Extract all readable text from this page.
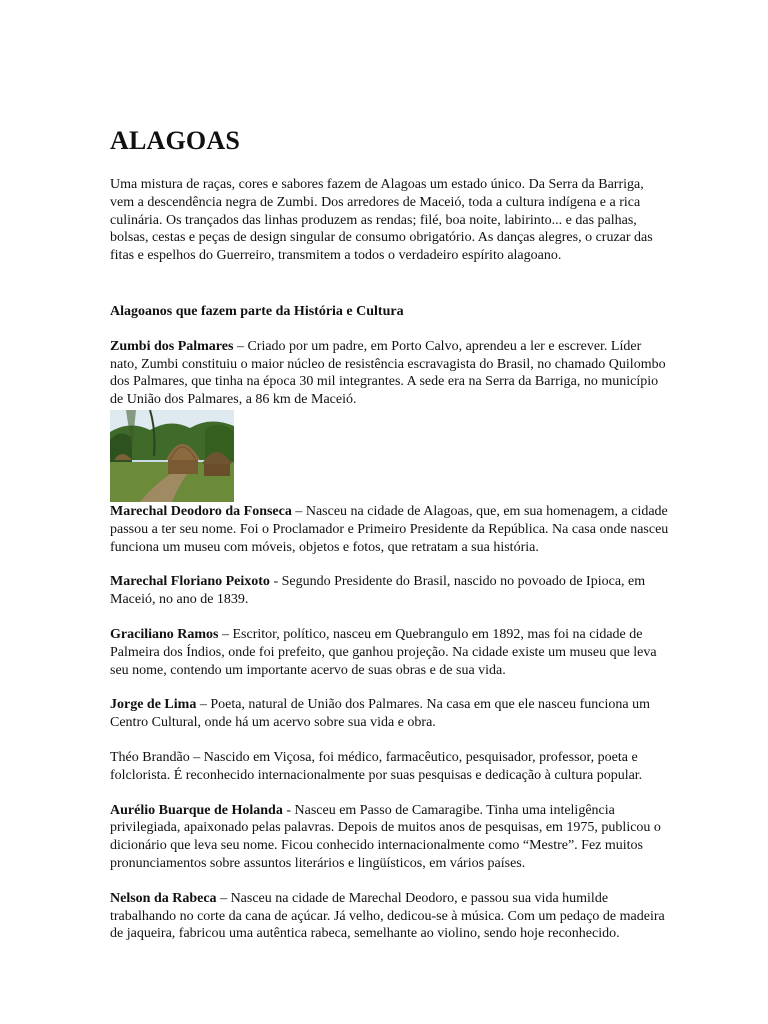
ALAGOAS

Uma mistura de raças, cores e sabores fazem de Alagoas um estado único. Da Serra da Barriga, vem a descendência negra de Zumbi. Dos arredores de Maceió, toda a cultura indígena e a rica culinária. Os trançados das linhas produzem as rendas; filé, boa noite, labirinto... e das palhas, bolsas, cestas e peças de design singular de consumo obrigatório. As danças alegres, o cruzar das fitas e espelhos do Guerreiro, transmitem a todos o verdadeiro espírito alagoano.

Alagoanos que fazem parte da História e Cultura

Zumbi dos Palmares – Criado por um padre, em Porto Calvo, aprendeu a ler e escrever. Líder nato, Zumbi constituiu o maior núcleo de resistência escravagista do Brasil, no chamado Quilombo dos Palmares, que tinha na época 30 mil integrantes. A sede era na Serra da Barriga, no município de União dos Palmares, a 86 km de Maceió.

Marechal Deodoro da Fonseca – Nasceu na cidade de Alagoas, que, em sua homenagem, a cidade passou a ter seu nome. Foi o Proclamador e Primeiro Presidente da República. Na casa onde nasceu funciona um museu com móveis, objetos e fotos, que retratam a sua história.

Marechal Floriano Peixoto - Segundo Presidente do Brasil, nascido no povoado de Ipioca, em Maceió, no ano de 1839.

Graciliano Ramos – Escritor, político, nasceu em Quebrangulo em 1892, mas foi na cidade de Palmeira dos Índios, onde foi prefeito, que ganhou projeção. Na cidade existe um museu que leva seu nome, contendo um importante acervo de suas obras e de sua vida.

Jorge de Lima – Poeta, natural de União dos Palmares. Na casa em que ele nasceu funciona um Centro Cultural, onde há um acervo sobre sua vida e obra.

Théo Brandão – Nascido em Viçosa, foi médico, farmacêutico, pesquisador, professor, poeta e folclorista. É reconhecido internacionalmente por suas pesquisas e dedicação à cultura popular.

Aurélio Buarque de Holanda - Nasceu em Passo de Camaragibe. Tinha uma inteligência privilegiada, apaixonado pelas palavras. Depois de muitos anos de pesquisas, em 1975, publicou o dicionário que leva seu nome. Ficou conhecido internacionalmente como “Mestre”. Fez muitos pronunciamentos sobre assuntos literários e lingüísticos, em vários países.

Nelson da Rabeca – Nasceu na cidade de Marechal Deodoro, e passou sua vida humilde trabalhando no corte da cana de açúcar. Já velho, dedicou-se à música. Com um pedaço de madeira de jaqueira, fabricou uma autêntica rabeca, semelhante ao violino, sendo hoje reconhecido.
